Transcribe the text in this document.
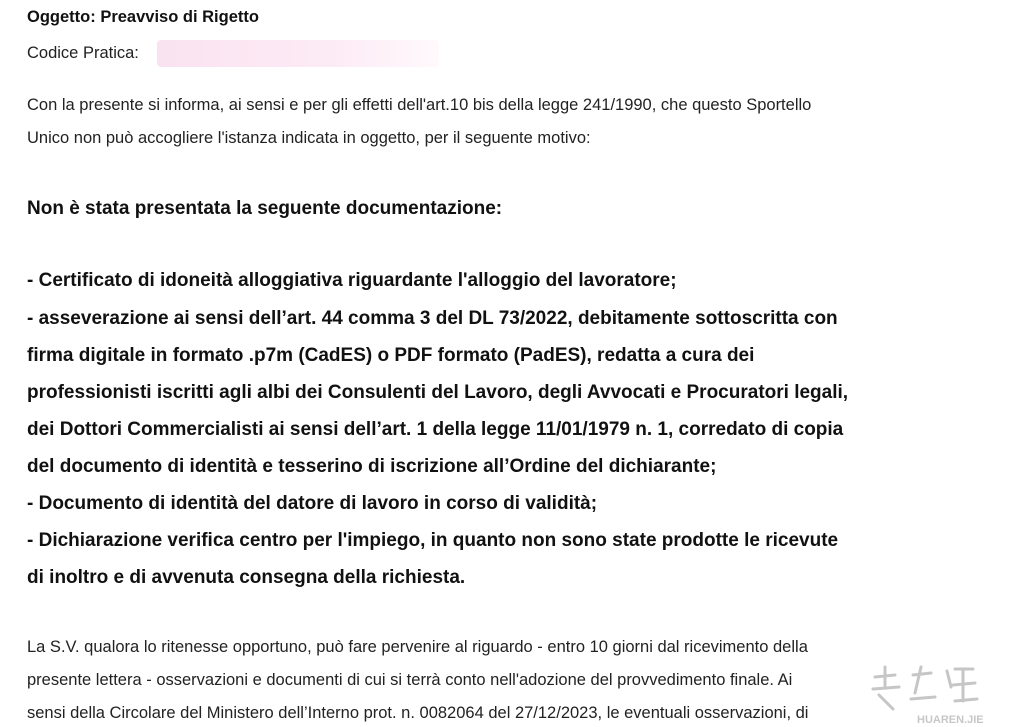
Oggetto: Preavviso di Rigetto

Codice Pratica:

Con la presente si informa, ai sensi e per gli effetti dell'art.10 bis della legge 241/1990, che questo Sportello

Unico non può accogliere l'istanza indicata in oggetto, per il seguente motivo:

Non è stata presentata la seguente documentazione:

- Certificato di idoneità alloggiativa riguardante l'alloggio del lavoratore;

- asseverazione ai sensi dell’art. 44 comma 3 del DL 73/2022, debitamente sottoscritta con

firma digitale in formato .p7m (CadES) o PDF formato (PadES), redatta a cura dei

professionisti iscritti agli albi dei Consulenti del Lavoro, degli Avvocati e Procuratori legali,

dei Dottori Commercialisti ai sensi dell’art. 1 della legge 11/01/1979 n. 1, corredato di copia

del documento di identità e tesserino di iscrizione all’Ordine del dichiarante;

- Documento di identità del datore di lavoro in corso di validità;

- Dichiarazione verifica centro per l'impiego, in quanto non sono state prodotte le ricevute

di inoltro e di avvenuta consegna della richiesta.

La S.V. qualora lo ritenesse opportuno, può fare pervenire al riguardo - entro 10 giorni dal ricevimento della

presente lettera - osservazioni e documenti di cui si terrà conto nell'adozione del provvedimento finale. Ai

sensi della Circolare del Ministero dell’Interno prot. n. 0082064 del 27/12/2023, le eventuali osservazioni, di	HUAREN.JIE
